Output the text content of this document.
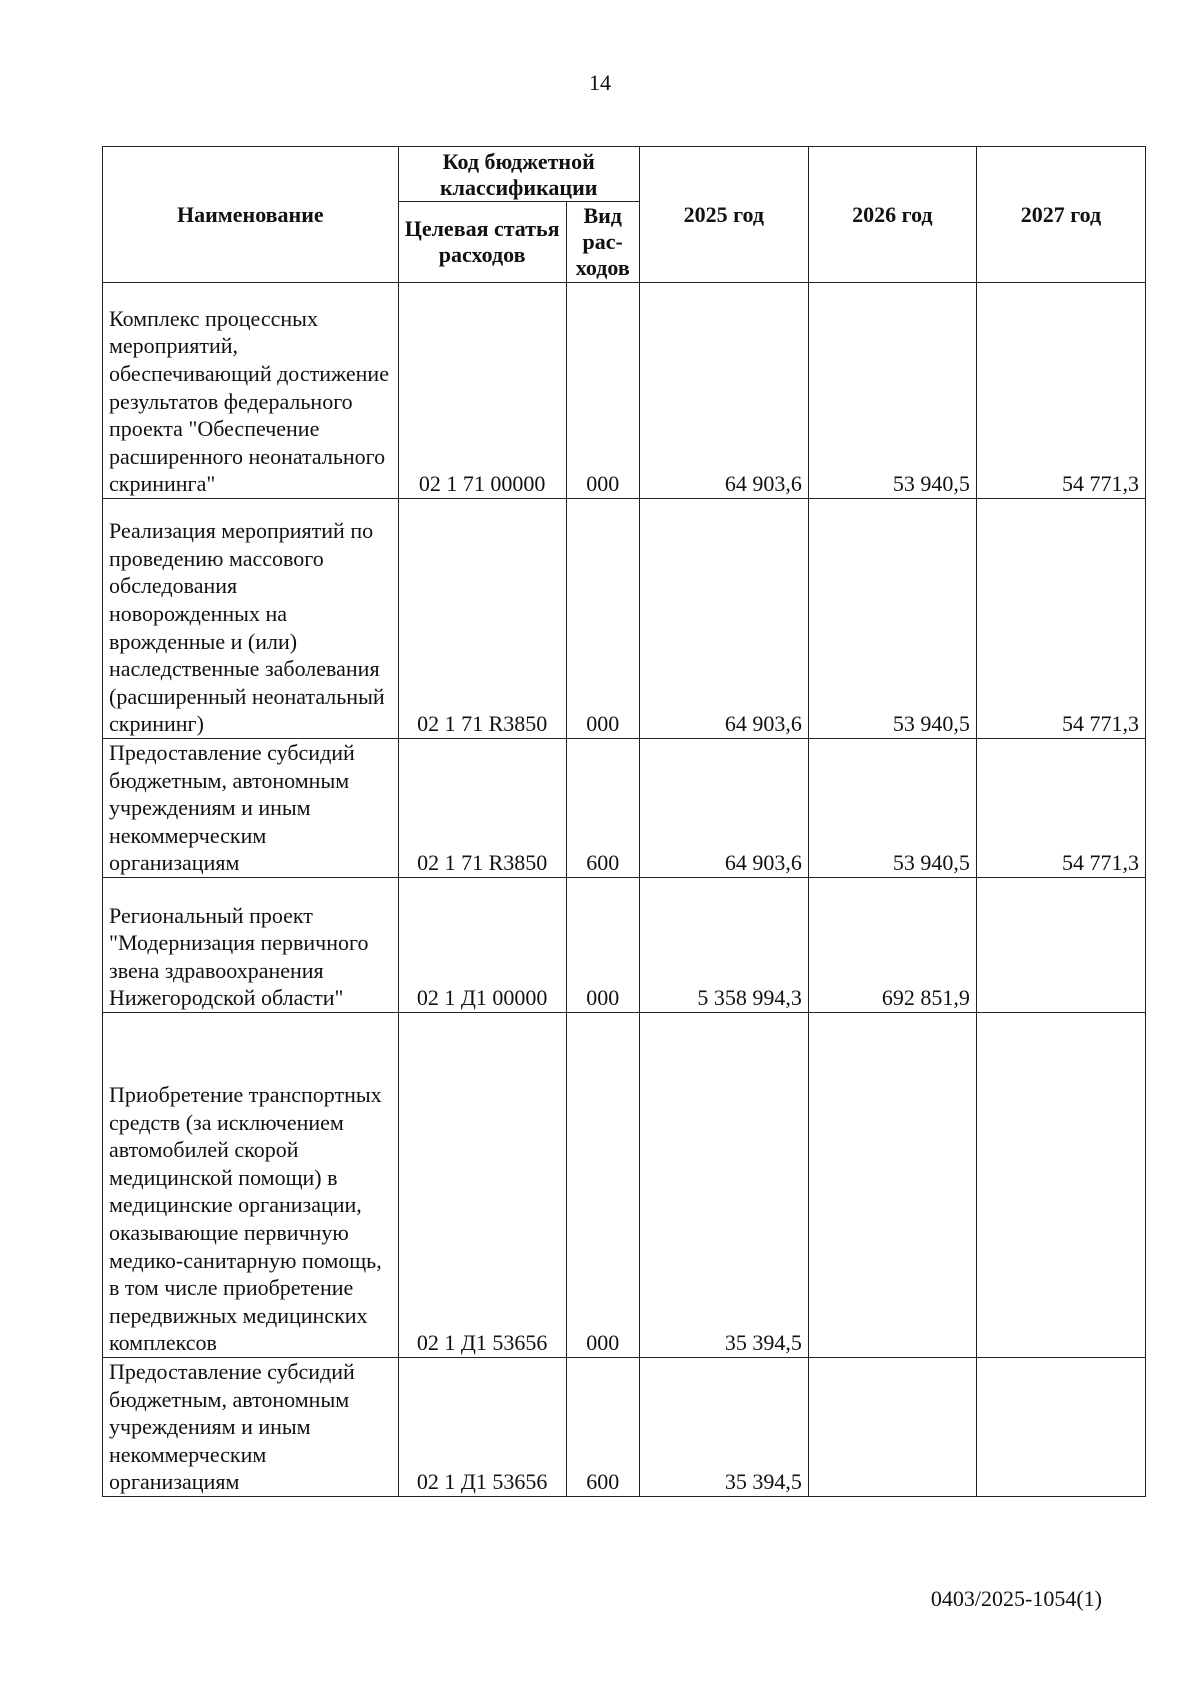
14
Наименование	Код бюджетной классификации		2025 год	2026 год	2027 год
	Целевая статья расходов	Вид рас-ходов			
Комплекс процессных мероприятий, обеспечивающий достижение результатов федерального проекта "Обеспечение расширенного неонатального скрининга"	02 1 71 00000	000	64 903,6	53 940,5	54 771,3
Реализация мероприятий по проведению массового обследования новорожденных на врожденные и (или) наследственные заболевания (расширенный неонатальный скрининг)	02 1 71 R3850	000	64 903,6	53 940,5	54 771,3
Предоставление субсидий бюджетным, автономным учреждениям и иным некоммерческим организациям	02 1 71 R3850	600	64 903,6	53 940,5	54 771,3
Региональный проект "Модернизация первичного звена здравоохранения Нижегородской области"	02 1 Д1 00000	000	5 358 994,3	692 851,9	
Приобретение транспортных средств (за исключением автомобилей скорой медицинской помощи) в медицинские организации, оказывающие первичную медико-санитарную помощь, в том числе приобретение передвижных медицинских комплексов	02 1 Д1 53656	000	35 394,5		
Предоставление субсидий бюджетным, автономным учреждениям и иным некоммерческим организациям	02 1 Д1 53656	600	35 394,5		
0403/2025-1054(1)
